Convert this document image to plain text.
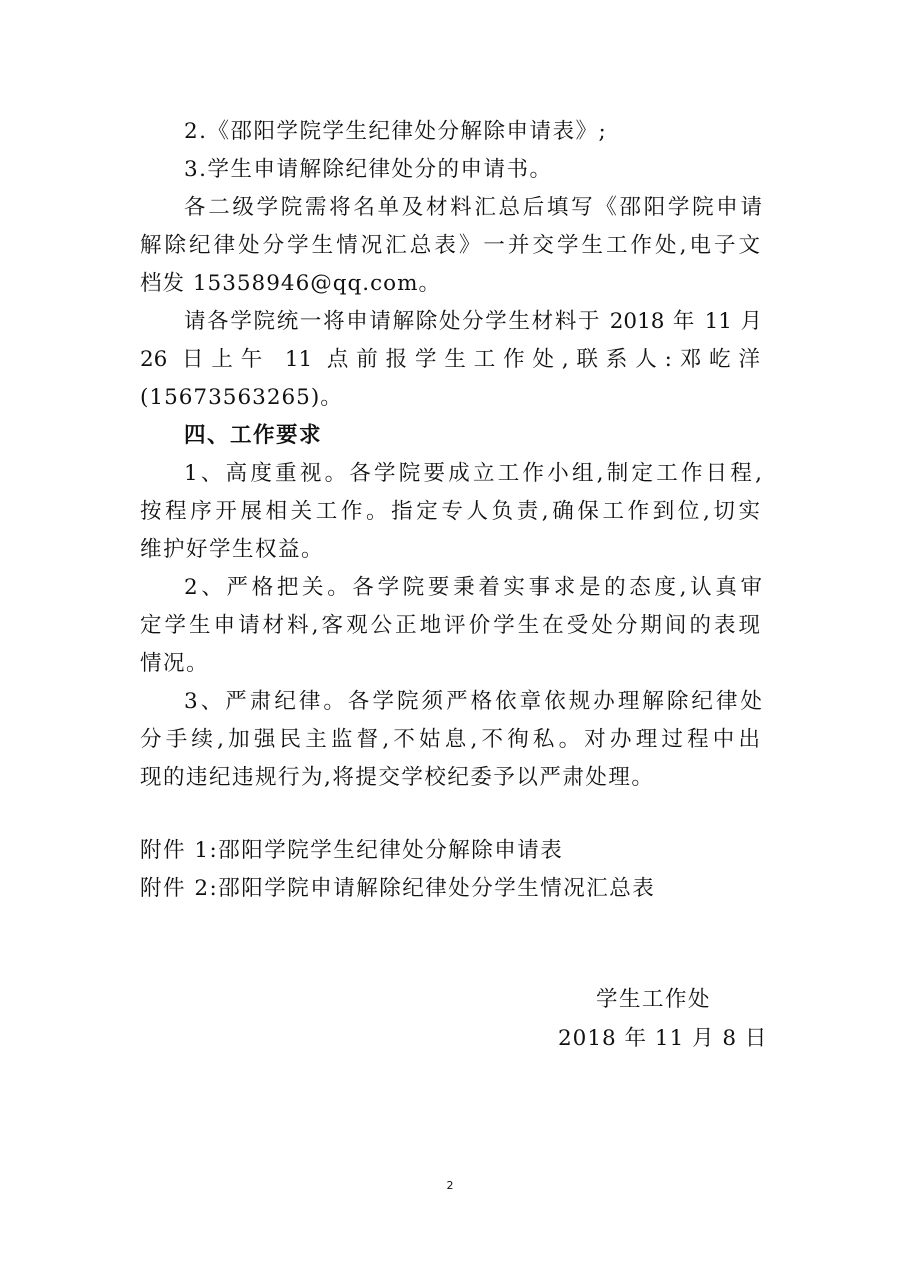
2.《邵阳学院学生纪律处分解除申请表》;
3.学生申请解除纪律处分的申请书。
各二级学院需将名单及材料汇总后填写《邵阳学院申请
解除纪律处分学生情况汇总表》一并交学生工作处,电子文
档发 15358946@qq.com。
请各学院统一将申请解除处分学生材料于 2018 年 11 月
26 日上午 11 点前报学生工作处,联系人:邓屹洋
(15673563265)。
四、工作要求
1、高度重视。各学院要成立工作小组,制定工作日程,
按程序开展相关工作。指定专人负责,确保工作到位,切实
维护好学生权益。
2、严格把关。各学院要秉着实事求是的态度,认真审
定学生申请材料,客观公正地评价学生在受处分期间的表现
情况。
3、严肃纪律。各学院须严格依章依规办理解除纪律处
分手续,加强民主监督,不姑息,不徇私。对办理过程中出
现的违纪违规行为,将提交学校纪委予以严肃处理。
附件 1:邵阳学院学生纪律处分解除申请表
附件 2:邵阳学院申请解除纪律处分学生情况汇总表
学生工作处
2018 年 11 月 8 日
2
